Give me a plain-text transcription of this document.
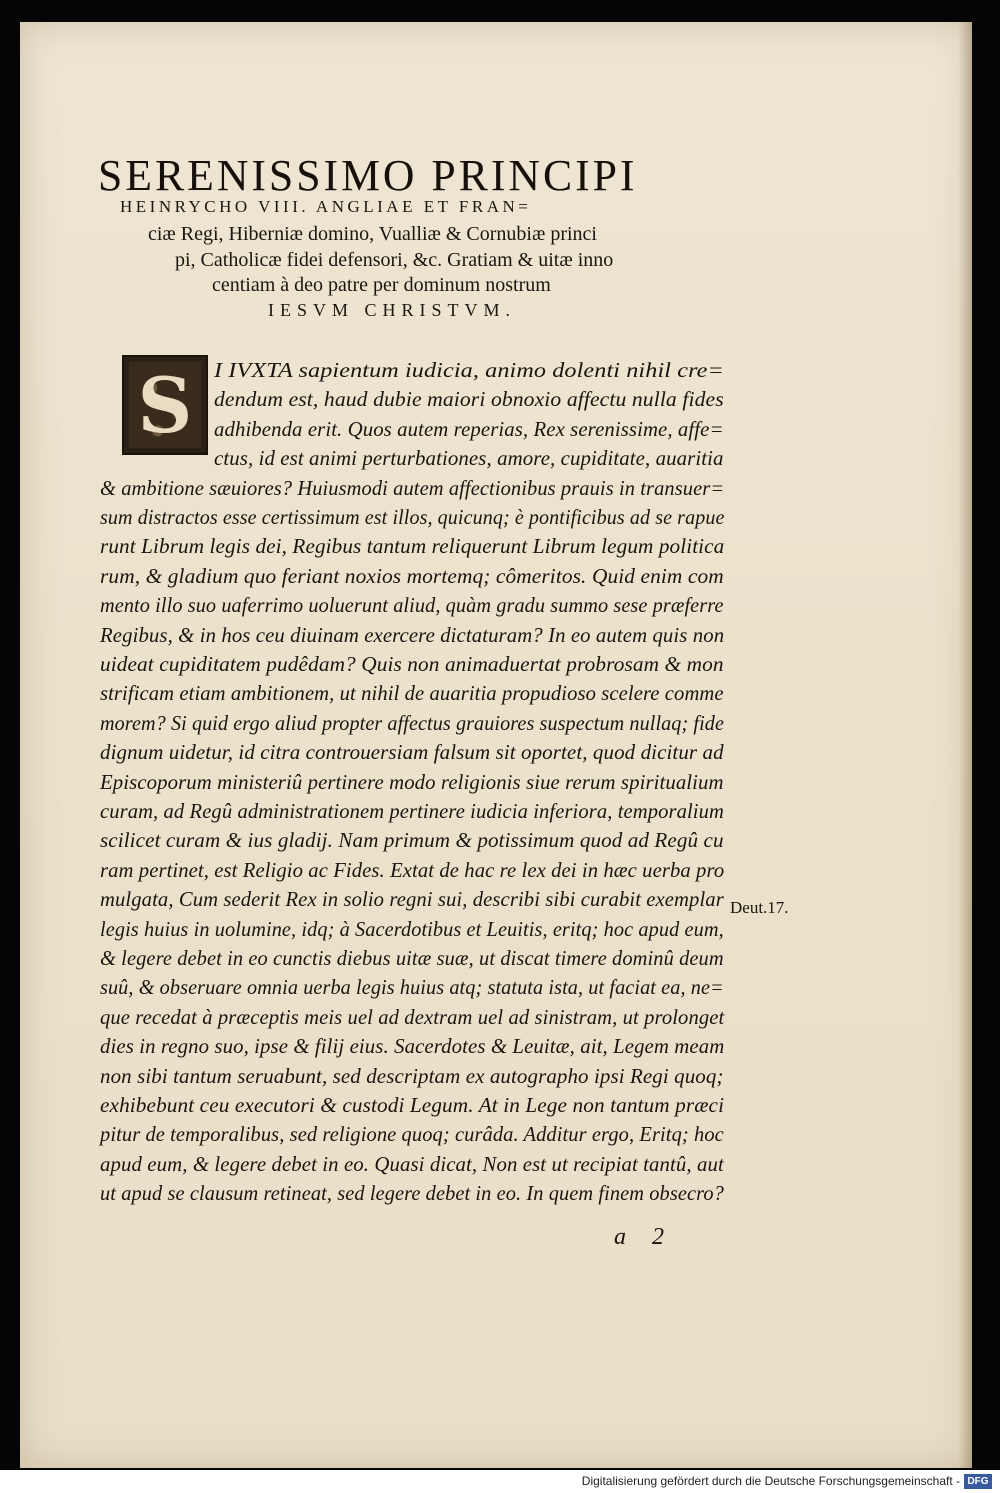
SERENISSIMO PRINCIPI
HEINRYCHO VIII. ANGLIAE ET FRAN=
ciæ Regi, Hiberniæ domino, Vualliæ & Cornubiæ princi
pi, Catholicæ fidei defensori, &c. Gratiam & uitæ inno
centiam à deo patre per dominum nostrum
IESVM CHRISTVM.
S	I IVXTA sapientum iudicia, animo dolenti nihil cre=
dendum est, haud dubie maiori obnoxio affectu nulla fides
adhibenda erit. Quos autem reperias, Rex serenissime, affe=
ctus, id est animi perturbationes, amore, cupiditate, auaritia
& ambitione sæuiores? Huiusmodi autem affectionibus prauis in transuer=
sum distractos esse certissimum est illos, quicunq; è pontificibus ad se rapue
runt Librum legis dei, Regibus tantum reliquerunt Librum legum politica
rum, & gladium quo feriant noxios mortemq; cômeritos. Quid enim com
mento illo suo uaferrimo uoluerunt aliud, quàm gradu summo sese præferre
Regibus, & in hos ceu diuinam exercere dictaturam? In eo autem quis non
uideat cupiditatem pudêdam? Quis non animaduertat probrosam & mon
strificam etiam ambitionem, ut nihil de auaritia propudioso scelere comme
morem? Si quid ergo aliud propter affectus grauiores suspectum nullaq; fide
dignum uidetur, id citra controuersiam falsum sit oportet, quod dicitur ad
Episcoporum ministeriû pertinere modo religionis siue rerum spiritualium
curam, ad Regû administrationem pertinere iudicia inferiora, temporalium
scilicet curam & ius gladij. Nam primum & potissimum quod ad Regû cu
ram pertinet, est Religio ac Fides. Extat de hac re lex dei in hæc uerba pro
mulgata, Cum sederit Rex in solio regni sui, describi sibi curabit exemplar
legis huius in uolumine, idq; à Sacerdotibus et Leuitis, eritq; hoc apud eum,
& legere debet in eo cunctis diebus uitæ suæ, ut discat timere dominû deum
suû, & obseruare omnia uerba legis huius atq; statuta ista, ut faciat ea, ne=
que recedat à præceptis meis uel ad dextram uel ad sinistram, ut prolonget
dies in regno suo, ipse & filij eius. Sacerdotes & Leuitæ, ait, Legem meam
non sibi tantum seruabunt, sed descriptam ex autographo ipsi Regi quoq;
exhibebunt ceu executori & custodi Legum. At in Lege non tantum præci
pitur de temporalibus, sed religione quoq; curâda. Additur ergo, Eritq; hoc
apud eum, & legere debet in eo. Quasi dicat, Non est ut recipiat tantû, aut
ut apud se clausum retineat, sed legere debet in eo. In quem finem obsecro?
Deut.17.
a 2
Digitalisierung gefördert durch die Deutsche Forschungsgemeinschaft - DFG
